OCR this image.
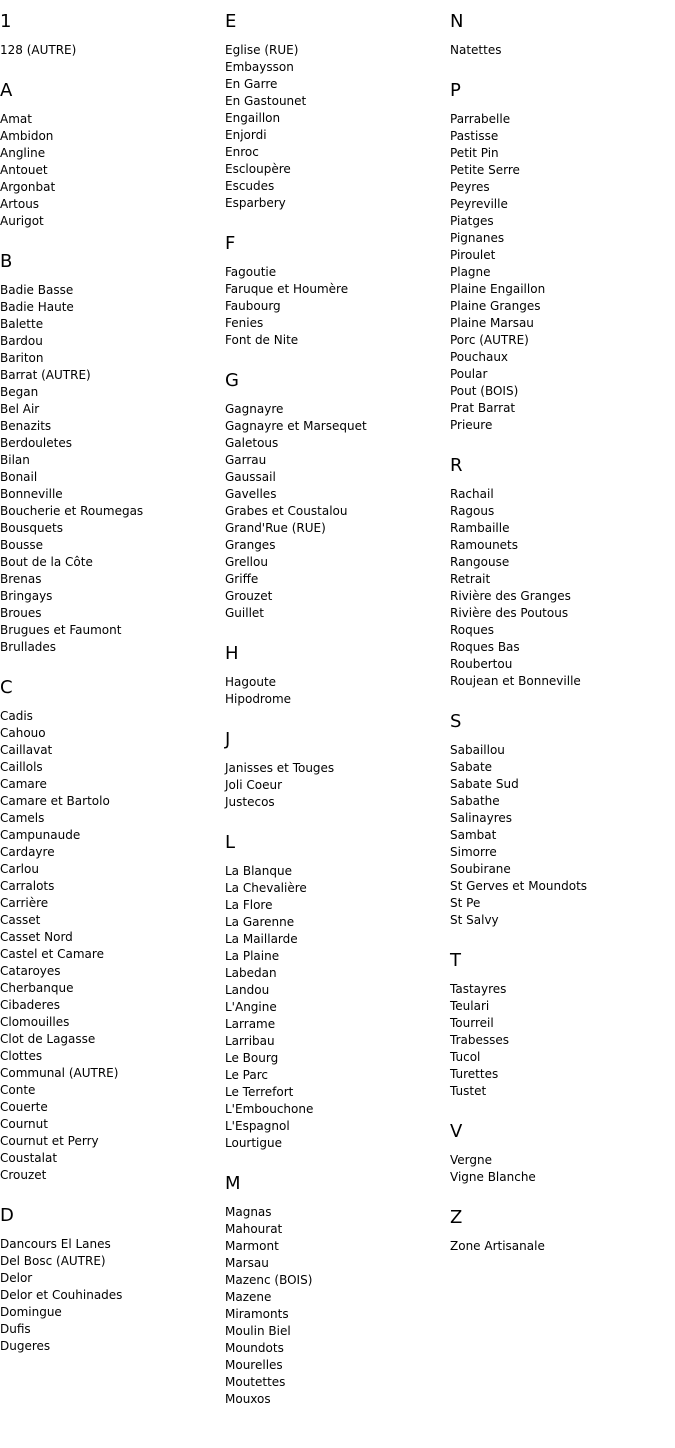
1
128 (AUTRE)
A
Amat
Ambidon
Angline
Antouet
Argonbat
Artous
Aurigot
B
Badie Basse
Badie Haute
Balette
Bardou
Bariton
Barrat (AUTRE)
Began
Bel Air
Benazits
Berdouletes
Bilan
Bonail
Bonneville
Boucherie et Roumegas
Bousquets
Bousse
Bout de la Côte
Brenas
Bringays
Broues
Brugues et Faumont
Brullades
C
Cadis
Cahouo
Caillavat
Caillols
Camare
Camare et Bartolo
Camels
Campunaude
Cardayre
Carlou
Carralots
Carrière
Casset
Casset Nord
Castel et Camare
Cataroyes
Cherbanque
Cibaderes
Clomouilles
Clot de Lagasse
Clottes
Communal (AUTRE)
Conte
Couerte
Cournut
Cournut et Perry
Coustalat
Crouzet
D
Dancours El Lanes
Del Bosc (AUTRE)
Delor
Delor et Couhinades
Domingue
Dufis
Dugeres
E
Eglise (RUE)
Embaysson
En Garre
En Gastounet
Engaillon
Enjordi
Enroc
Escloupère
Escudes
Esparbery
F
Fagoutie
Faruque et Houmère
Faubourg
Fenies
Font de Nite
G
Gagnayre
Gagnayre et Marsequet
Galetous
Garrau
Gaussail
Gavelles
Grabes et Coustalou
Grand'Rue (RUE)
Granges
Grellou
Griffe
Grouzet
Guillet
H
Hagoute
Hipodrome
J
Janisses et Touges
Joli Coeur
Justecos
L
La Blanque
La Chevalière
La Flore
La Garenne
La Maillarde
La Plaine
Labedan
Landou
L'Angine
Larrame
Larribau
Le Bourg
Le Parc
Le Terrefort
L'Embouchone
L'Espagnol
Lourtigue
M
Magnas
Mahourat
Marmont
Marsau
Mazenc (BOIS)
Mazene
Miramonts
Moulin Biel
Moundots
Mourelles
Moutettes
Mouxos
N
Natettes
P
Parrabelle
Pastisse
Petit Pin
Petite Serre
Peyres
Peyreville
Piatges
Pignanes
Piroulet
Plagne
Plaine Engaillon
Plaine Granges
Plaine Marsau
Porc (AUTRE)
Pouchaux
Poular
Pout (BOIS)
Prat Barrat
Prieure
R
Rachail
Ragous
Rambaille
Ramounets
Rangouse
Retrait
Rivière des Granges
Rivière des Poutous
Roques
Roques Bas
Roubertou
Roujean et Bonneville
S
Sabaillou
Sabate
Sabate Sud
Sabathe
Salinayres
Sambat
Simorre
Soubirane
St Gerves et Moundots
St Pe
St Salvy
T
Tastayres
Teulari
Tourreil
Trabesses
Tucol
Turettes
Tustet
V
Vergne
Vigne Blanche
Z
Zone Artisanale
